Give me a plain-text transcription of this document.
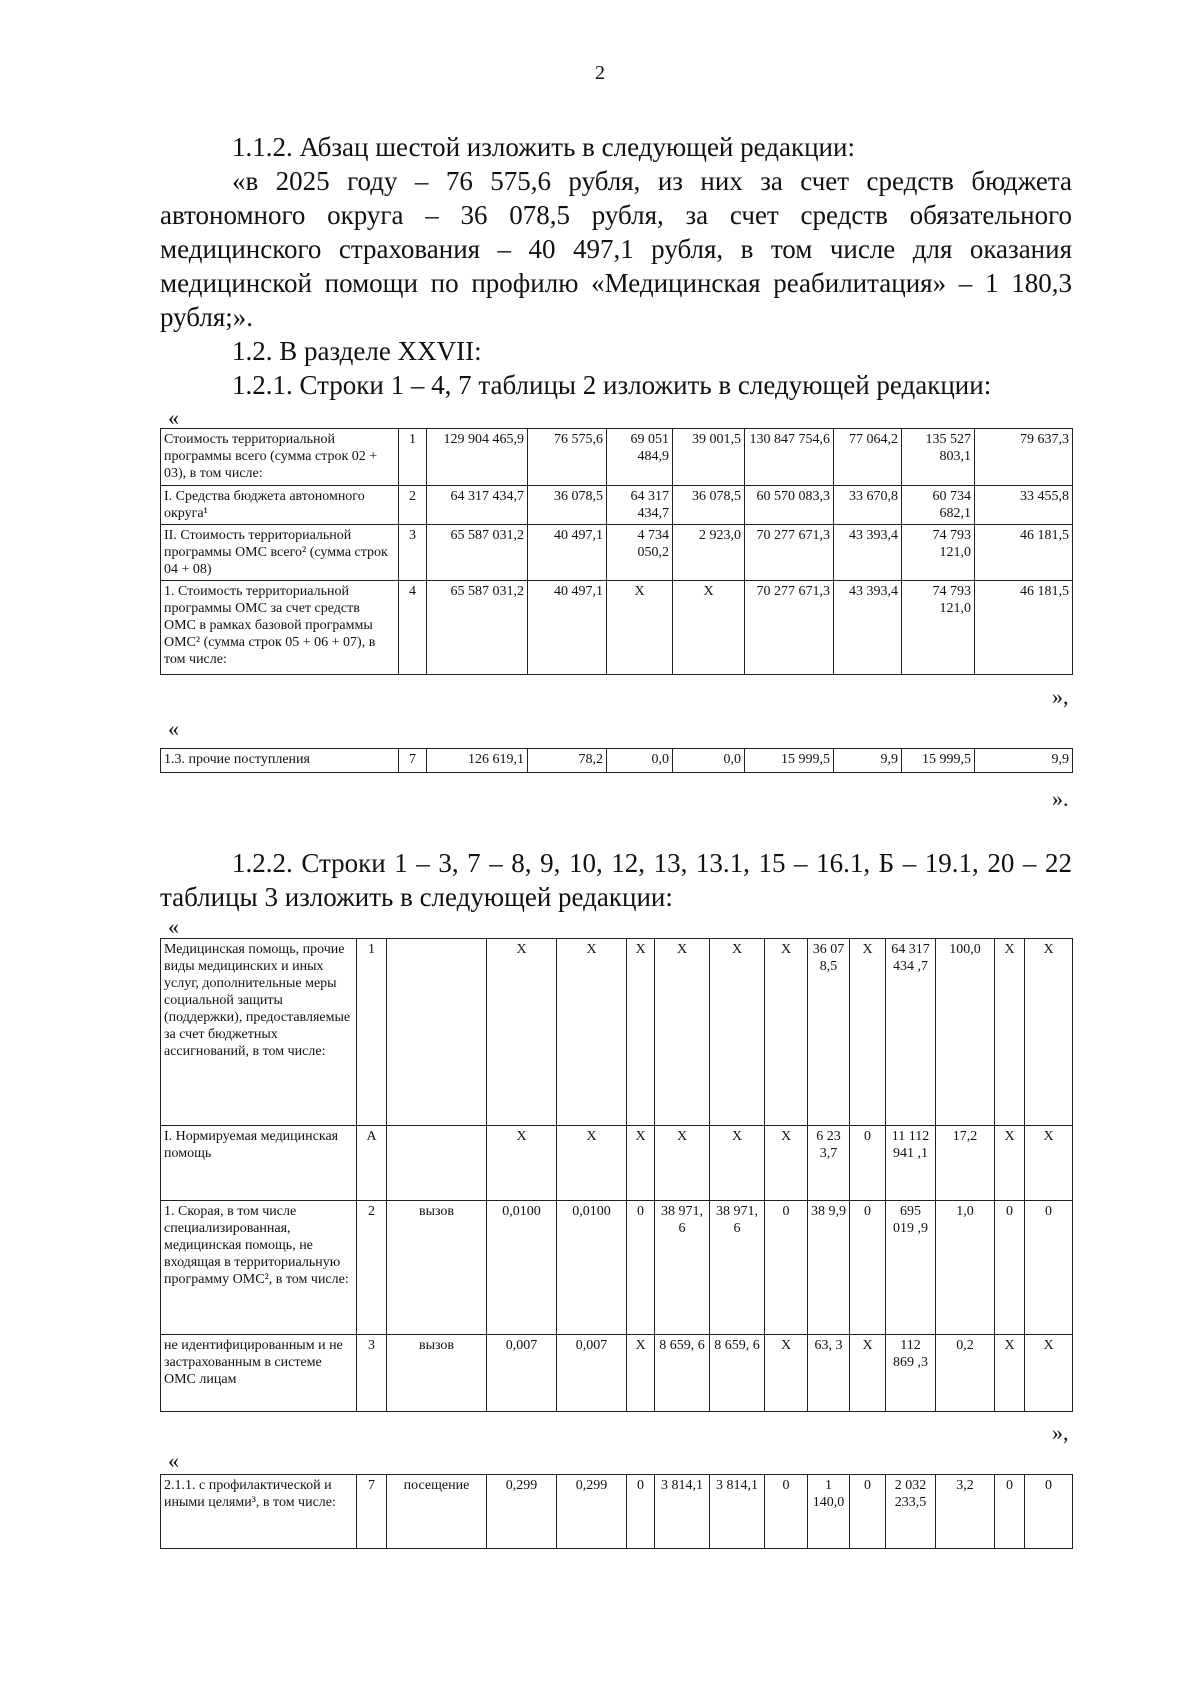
2
1.1.2. Абзац шестой изложить в следующей редакции:
«в 2025 году – 76 575,6 рубля, из них за счет средств бюджета
автономного округа – 36 078,5 рубля, за счет средств обязательного
медицинского страхования – 40 497,1 рубля, в том числе для оказания
медицинской помощи по профилю «Медицинская реабилитация» – 1 180,3
рубля;».
1.2. В разделе XXVII:
1.2.1. Строки 1 – 4, 7 таблицы 2 изложить в следующей редакции:
«
Стоимость территориальной программы всего (сумма строк 02 + 03), в том числе:	1	129 904 465,9	76 575,6	69 051 484,9	39 001,5	130 847 754,6	77 064,2	135 527 803,1	79 637,3
I. Средства бюджета автономного округа¹	2	64 317 434,7	36 078,5	64 317 434,7	36 078,5	60 570 083,3	33 670,8	60 734 682,1	33 455,8
II. Стоимость территориальной программы ОМС всего² (сумма строк 04 + 08)	3	65 587 031,2	40 497,1	4 734 050,2	2 923,0	70 277 671,3	43 393,4	74 793 121,0	46 181,5
1. Стоимость территориальной программы ОМС за счет средств ОМС в рамках базовой программы ОМС² (сумма строк 05 + 06 + 07), в том числе:	4	65 587 031,2	40 497,1	Х	Х	70 277 671,3	43 393,4	74 793 121,0	46 181,5
»,
«
1.3. прочие поступления	7	126 619,1	78,2	0,0	0,0	15 999,5	9,9	15 999,5	9,9
».
1.2.2. Строки 1 – 3, 7 – 8, 9, 10, 12, 13, 13.1, 15 – 16.1, Б – 19.1, 20 – 22
таблицы 3 изложить в следующей редакции:
«
Медицинская помощь, прочие виды медицинских и иных услуг, дополнительные меры социальной защиты (поддержки), предоставляемые за счет бюджетных ассигнований, в том числе:	1		Х	Х	Х	Х	Х	Х	36 07 8,5	Х	64 317 434 ,7	100,0	Х	Х
I. Нормируемая медицинская помощь	А		Х	Х	Х	Х	Х	Х	6 23 3,7	0	11 112 941 ,1	17,2	Х	Х
1. Скорая, в том числе специализированная, медицинская помощь, не входящая в территориальную программу ОМС², в том числе:	2	вызов	0,0100	0,0100	0	38 971, 6	38 971, 6	0	38 9,9	0	695 019 ,9	1,0	0	0
не идентифицированным и не застрахованным в системе ОМС лицам	3	вызов	0,007	0,007	Х	8 659, 6	8 659, 6	Х	63, 3	Х	112 869 ,3	0,2	Х	Х
»,
«
2.1.1. с профилактической и иными целями³, в том числе:	7	посещение	0,299	0,299	0	3 814,1	3 814,1	0	1 140,0	0	2 032 233,5	3,2	0	0
